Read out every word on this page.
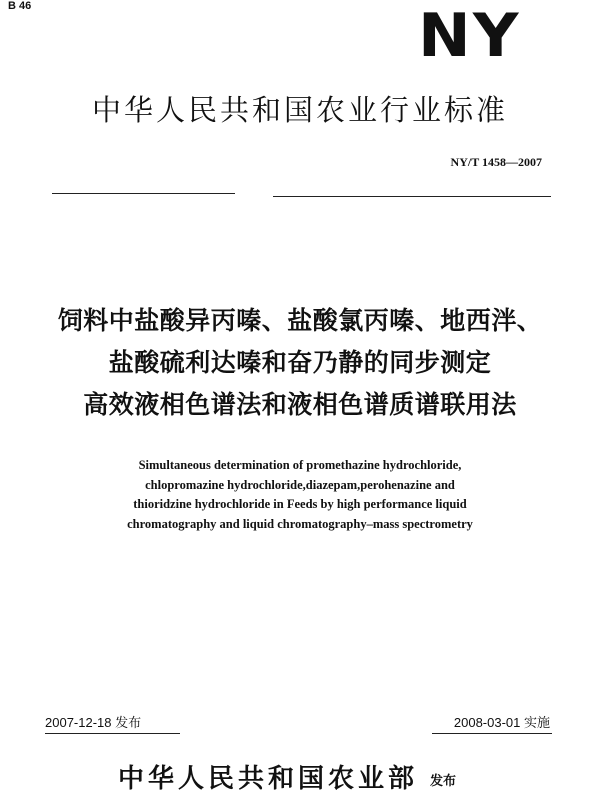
B 46	NY
中华人民共和国农业行业标准
NY/T 1458—2007
饲料中盐酸异丙嗪、盐酸氯丙嗪、地西泮、
盐酸硫利达嗪和奋乃静的同步测定
高效液相色谱法和液相色谱质谱联用法
Simultaneous determination of promethazine hydrochloride,
chlopromazine hydrochloride,diazepam,perohenazine and
thioridzine hydrochloride in Feeds by high performance liquid
chromatography and liquid chromatography–mass spectrometry
2007-12-18 发布	2008-03-01 实施
中华人民共和国农业部 发布
